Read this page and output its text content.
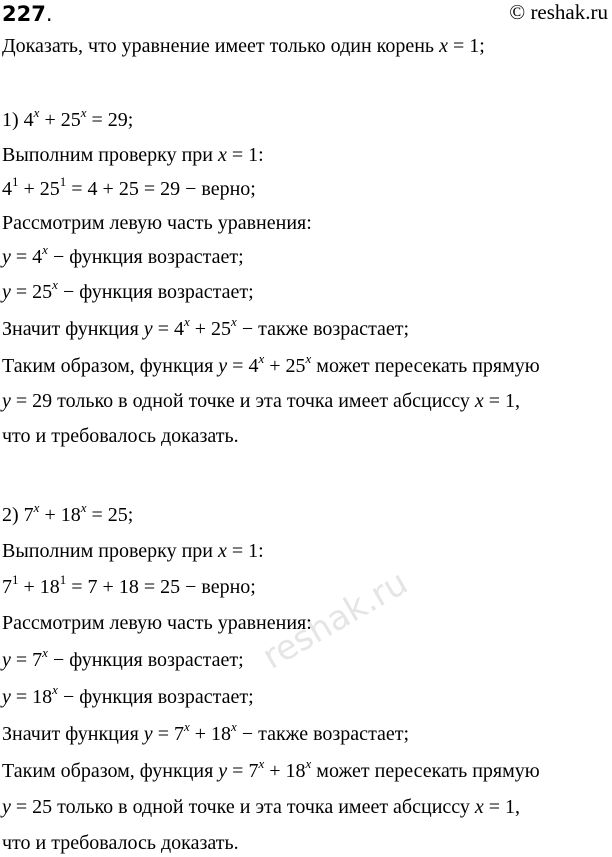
227.	© reshak.ru
reshak.ru
Доказать, что уравнение имеет только один корень x = 1;
1) $4^x + 25^x = 29$;
Выполним проверку при x = 1:
$4^1 + 25^1 = 4 + 25 = 29$ − верно;
Рассмотрим левую часть уравнения:
$y = 4^x$ − функция возрастает;
$y = 25^x$ − функция возрастает;
Значит функция $y = 4^x + 25^x$ − также возрастает;
Таким образом, функция $y = 4^x + 25^x$ может пересекать прямую
y = 29 только в одной точке и эта точка имеет абсциссу x = 1,
что и требовалось доказать.
2) $7^x + 18^x = 25$;
Выполним проверку при x = 1:
$7^1 + 18^1 = 7 + 18 = 25$ − верно;
Рассмотрим левую часть уравнения:
$y = 7^x$ − функция возрастает;
$y = 18^x$ − функция возрастает;
Значит функция $y = 7^x + 18^x$ − также возрастает;
Таким образом, функция $y = 7^x + 18^x$ может пересекать прямую
y = 25 только в одной точке и эта точка имеет абсциссу x = 1,
что и требовалось доказать.
